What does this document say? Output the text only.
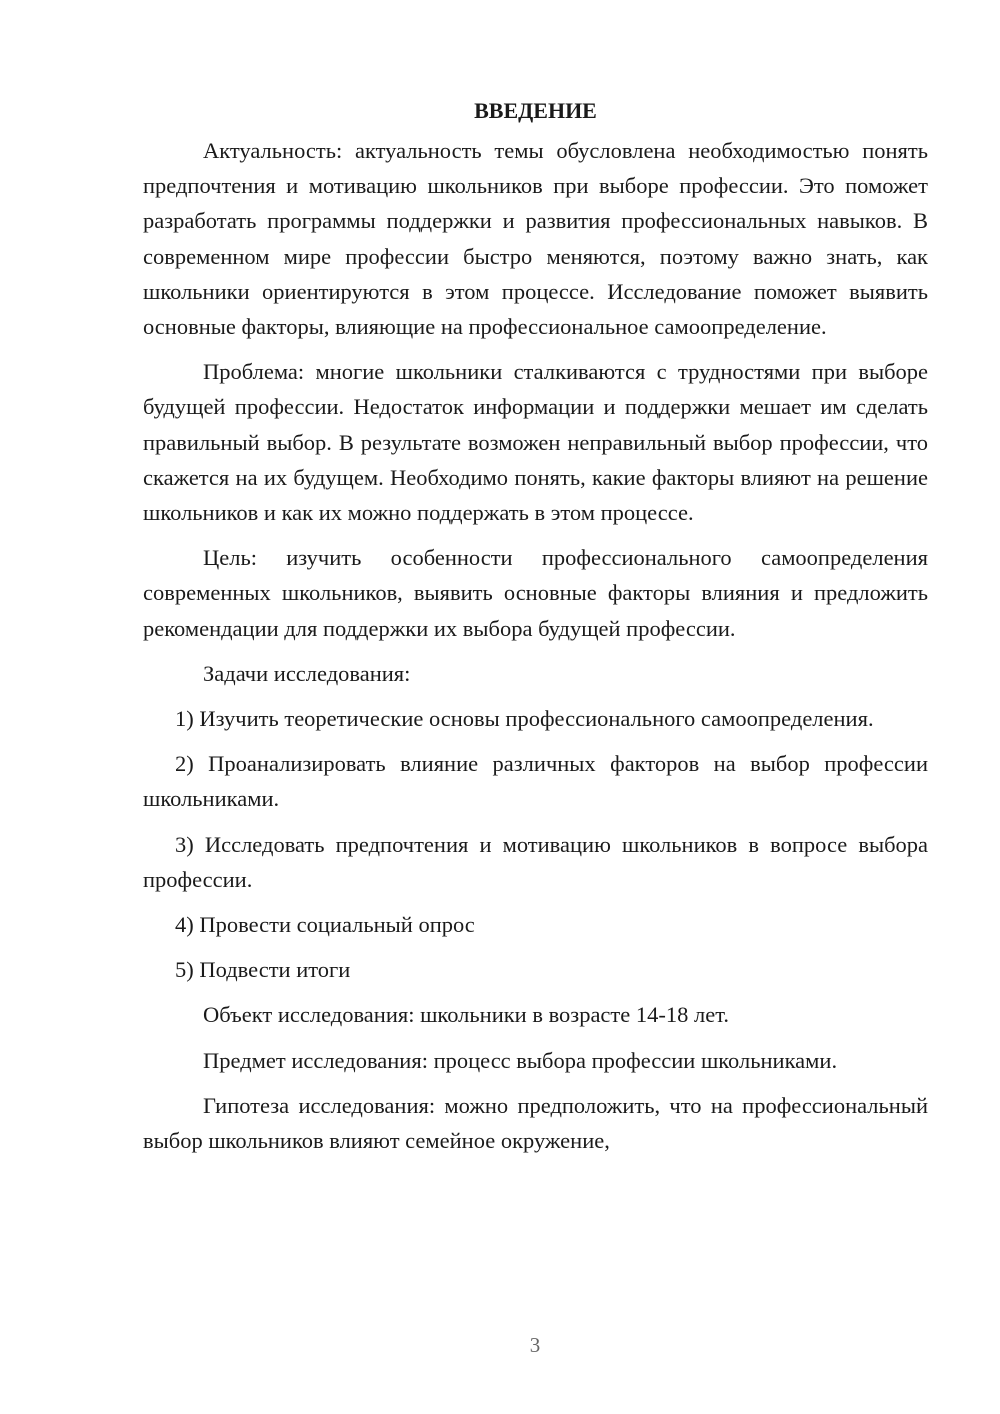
ВВЕДЕНИЕ

Актуальность: актуальность темы обусловлена необходимостью понять предпочтения и мотивацию школьников при выборе профессии. Это поможет разработать программы поддержки и развития профессиональных навыков. В современном мире профессии быстро меняются, поэтому важно знать, как школьники ориентируются в этом процессе. Исследование поможет выявить основные факторы, влияющие на профессиональное самоопределение.

Проблема: многие школьники сталкиваются с трудностями при выборе будущей профессии. Недостаток информации и поддержки мешает им сделать правильный выбор. В результате возможен неправильный выбор профессии, что скажется на их будущем. Необходимо понять, какие факторы влияют на решение школьников и как их можно поддержать в этом процессе.

Цель: изучить особенности профессионального самоопределения современных школьников, выявить основные факторы влияния и предложить рекомендации для поддержки их выбора будущей профессии.

Задачи исследования:

1) Изучить теоретические основы профессионального самоопределения.

2) Проанализировать влияние различных факторов на выбор профессии школьниками.

3) Исследовать предпочтения и мотивацию школьников в вопросе выбора профессии.

4) Провести социальный опрос

5) Подвести итоги

Объект исследования: школьники в возрасте 14-18 лет.

Предмет исследования: процесс выбора профессии школьниками.

Гипотеза исследования: можно предположить, что на профессиональный выбор школьников влияют семейное окружение,

3
